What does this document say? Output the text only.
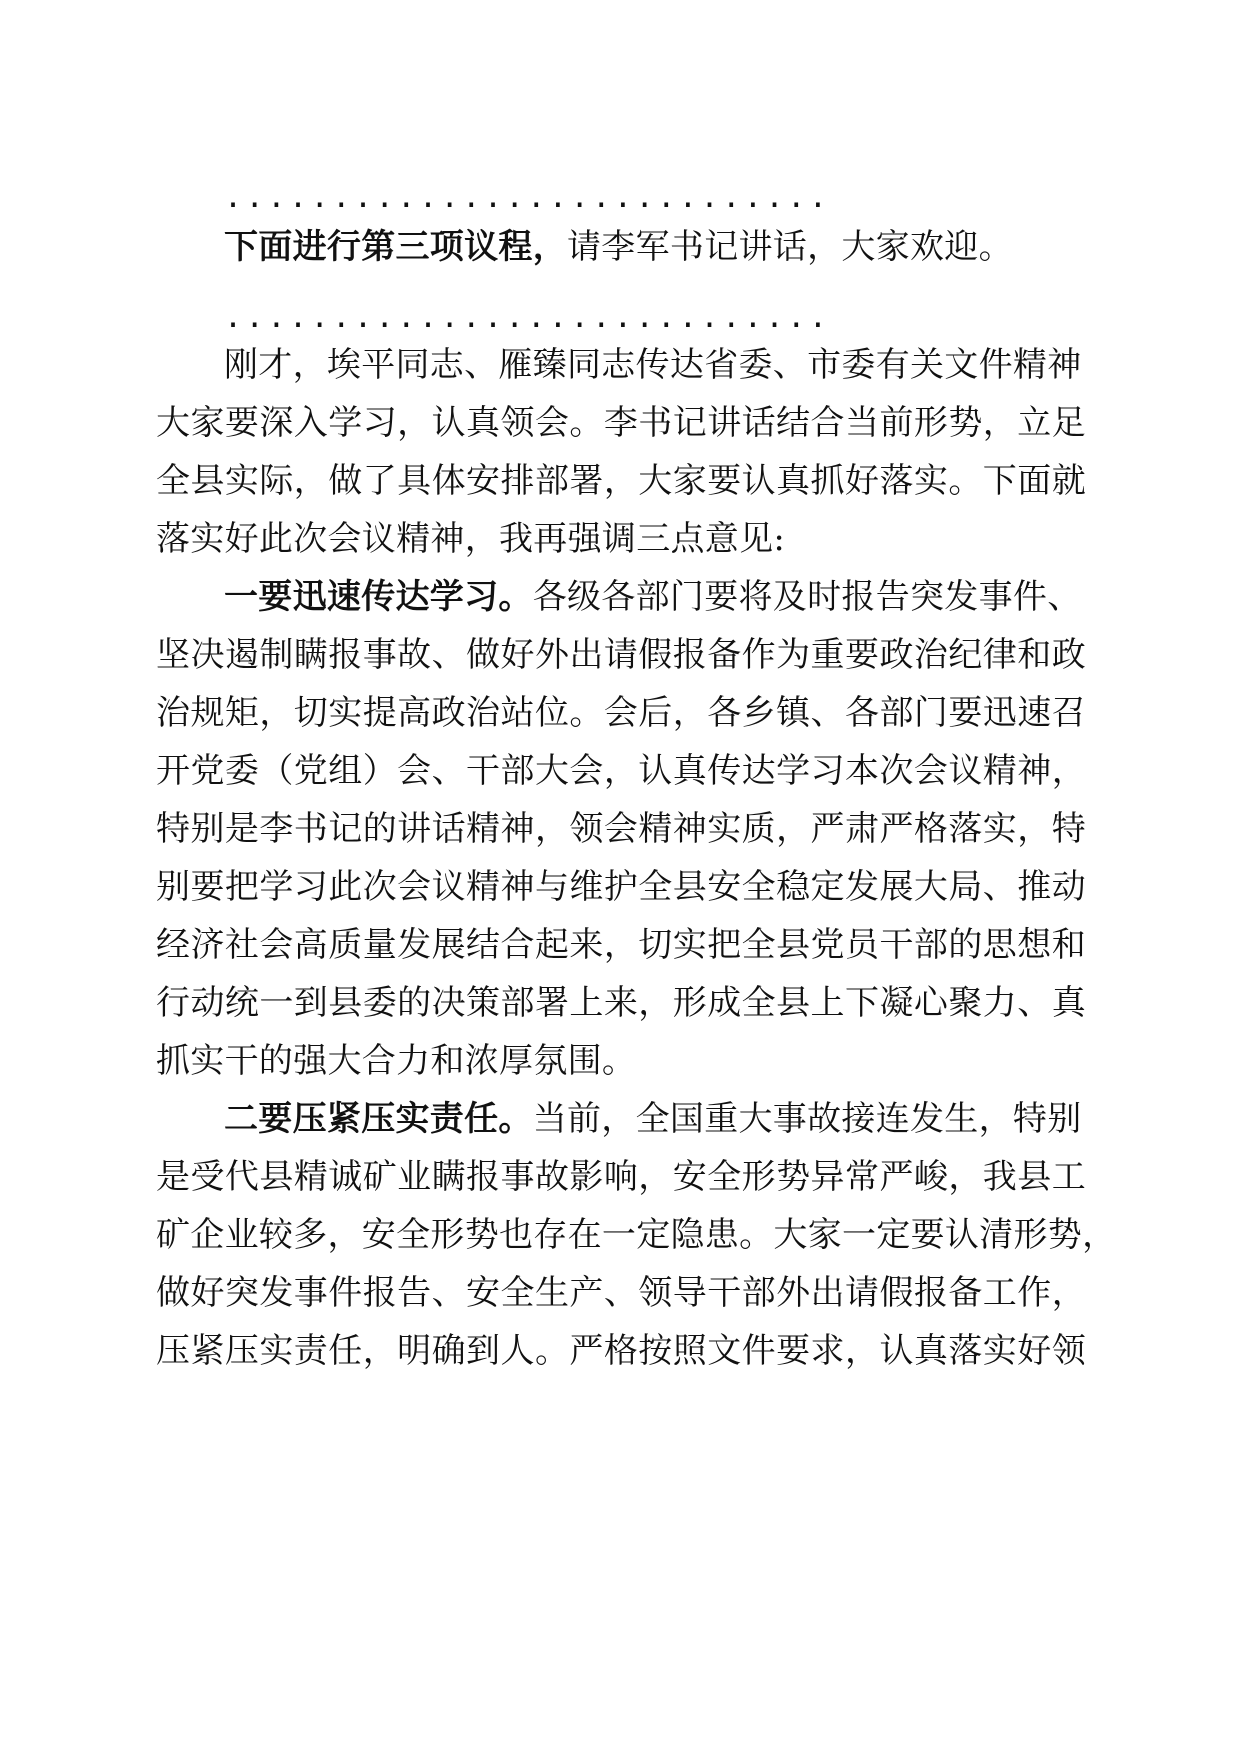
............................
下面进行第三项议程，请李军书记讲话，大家欢迎。
............................
刚才，埃平同志、雁臻同志传达省委、市委有关文件精神
大家要深入学习，认真领会。李书记讲话结合当前形势，立足
全县实际，做了具体安排部署，大家要认真抓好落实。下面就
落实好此次会议精神，我再强调三点意见:
一要迅速传达学习。各级各部门要将及时报告突发事件、
坚决遏制瞒报事故、做好外出请假报备作为重要政治纪律和政
治规矩，切实提高政治站位。会后，各乡镇、各部门要迅速召
开党委（党组）会、干部大会，认真传达学习本次会议精神，
特别是李书记的讲话精神，领会精神实质，严肃严格落实，特
别要把学习此次会议精神与维护全县安全稳定发展大局、推动
经济社会高质量发展结合起来，切实把全县党员干部的思想和
行动统一到县委的决策部署上来，形成全县上下凝心聚力、真
抓实干的强大合力和浓厚氛围。
二要压紧压实责任。当前，全国重大事故接连发生，特别
是受代县精诚矿业瞒报事故影响，安全形势异常严峻，我县工
矿企业较多，安全形势也存在一定隐患。大家一定要认清形势，
做好突发事件报告、安全生产、领导干部外出请假报备工作，
压紧压实责任，明确到人。严格按照文件要求，认真落实好领
